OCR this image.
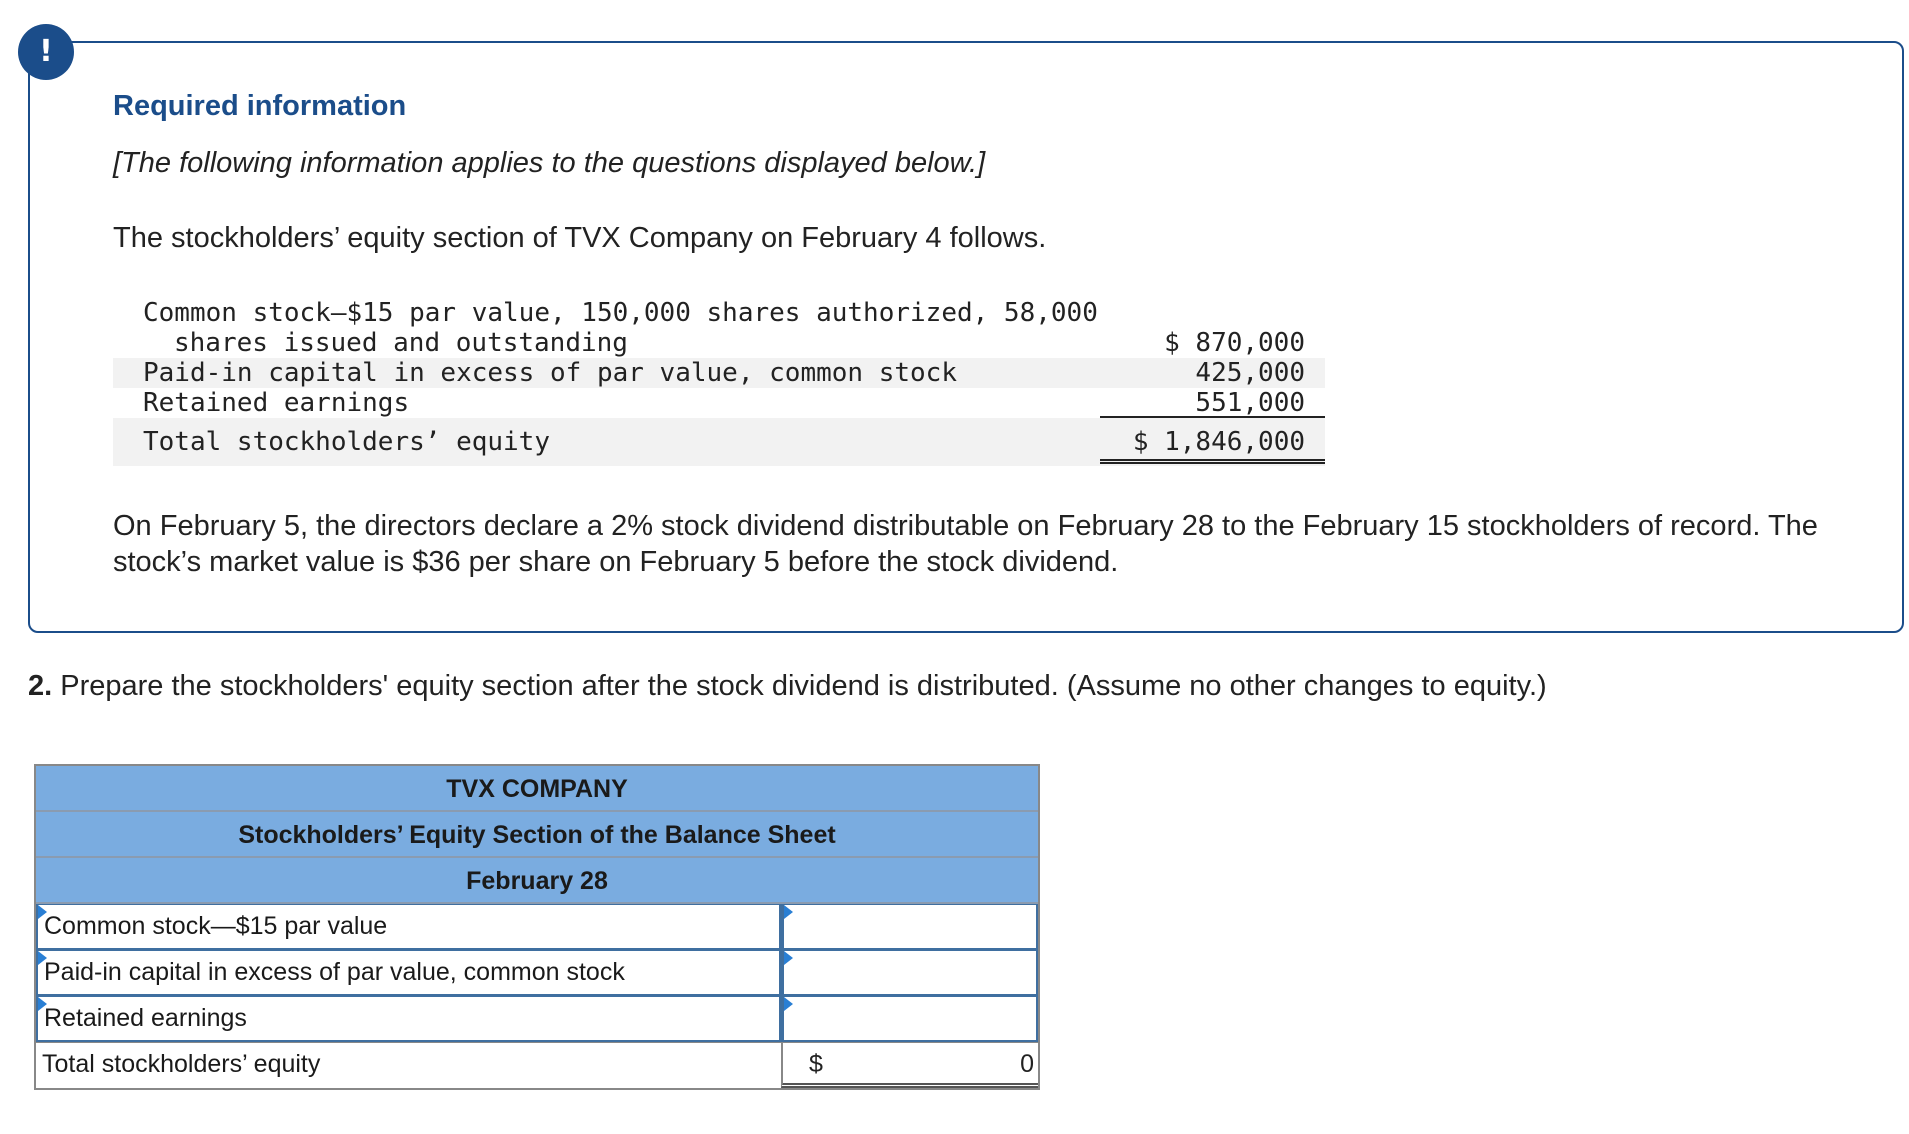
!
Required information
[The following information applies to the questions displayed below.]
The stockholders’ equity section of TVX Company on February 4 follows.
Common stock—$15 par value, 150,000 shares authorized, 58,000
shares issued and outstanding	$ 870,000
Paid-in capital in excess of par value, common stock	425,000
Retained earnings	551,000
Total stockholders’ equity	$ 1,846,000
On February 5, the directors declare a 2% stock dividend distributable on February 28 to the February 15 stockholders of record. The stock’s market value is $36 per share on February 5 before the stock dividend.
2. Prepare the stockholders' equity section after the stock dividend is distributed. (Assume no other changes to equity.)
TVX COMPANY
Stockholders’ Equity Section of the Balance Sheet
February 28
Common stock—$15 par value
Paid-in capital in excess of par value, common stock
Retained earnings
Total stockholders’ equity	$	0
